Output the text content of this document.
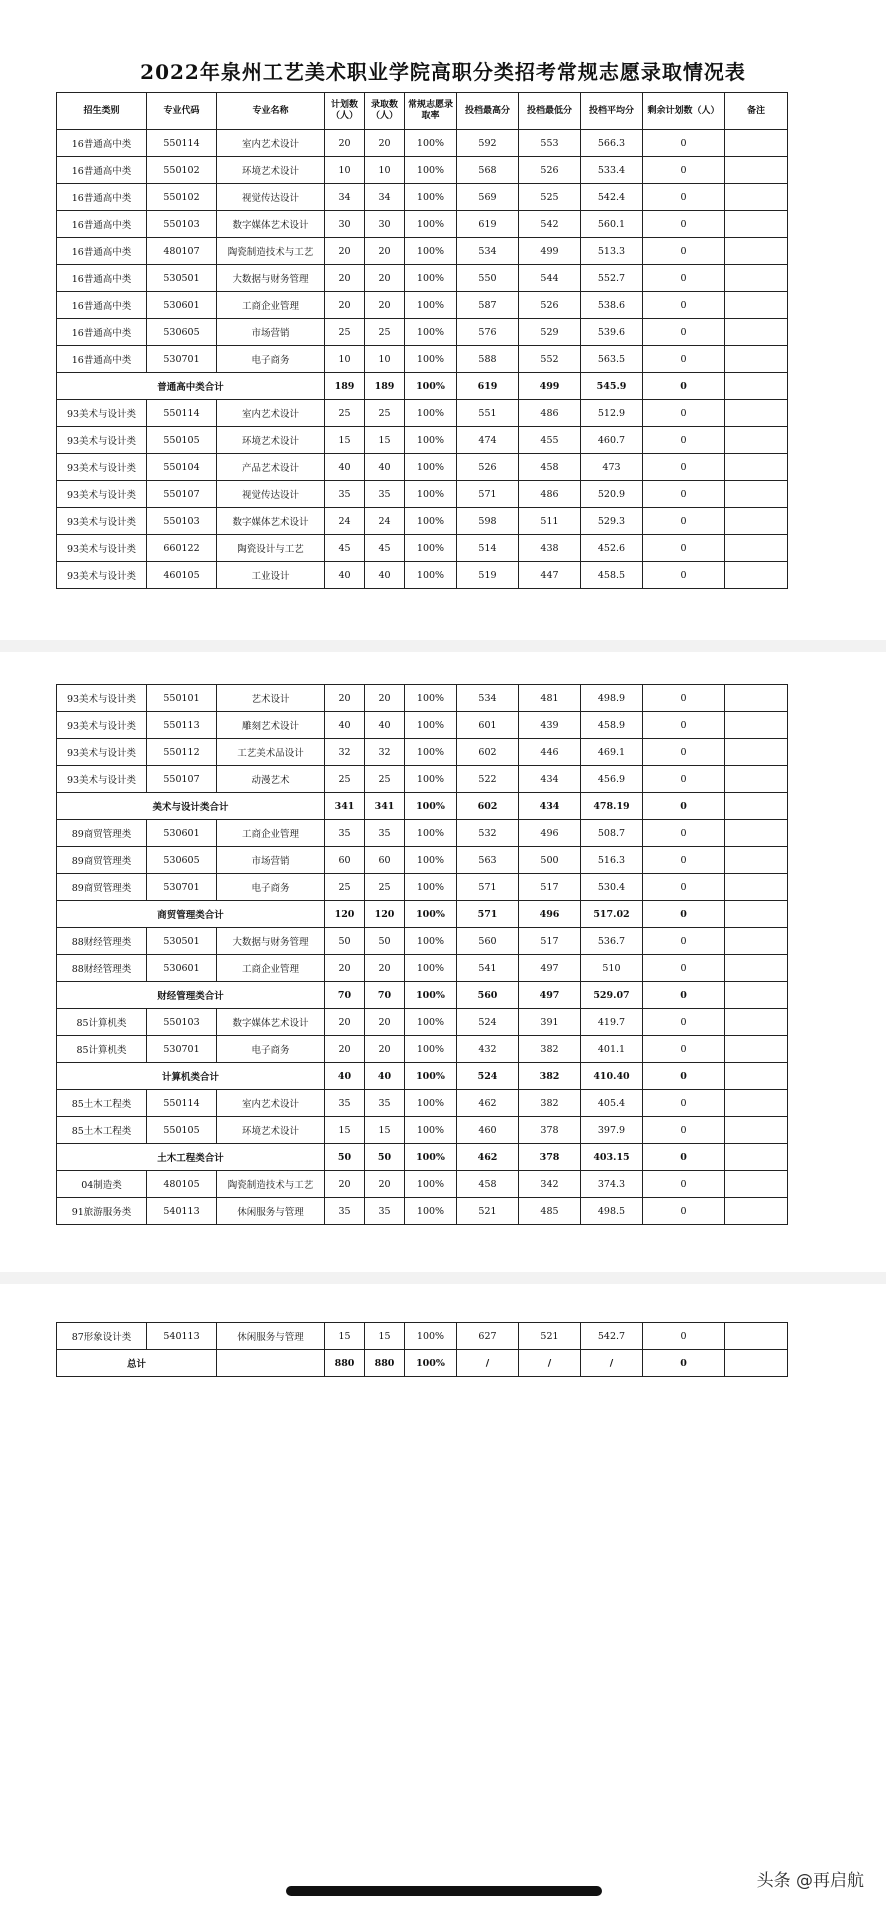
2022年泉州工艺美术职业学院高职分类招考常规志愿录取情况表
招生类别	专业代码	专业名称	计划数（人）	录取数（人）	常规志愿录取率	投档最高分	投档最低分	投档平均分	剩余计划数（人）	备注
16普通高中类	550114	室内艺术设计	20	20	100%	592	553	566.3	0	
16普通高中类	550102	环境艺术设计	10	10	100%	568	526	533.4	0	
16普通高中类	550102	视觉传达设计	34	34	100%	569	525	542.4	0	
16普通高中类	550103	数字媒体艺术设计	30	30	100%	619	542	560.1	0	
16普通高中类	480107	陶瓷制造技术与工艺	20	20	100%	534	499	513.3	0	
16普通高中类	530501	大数据与财务管理	20	20	100%	550	544	552.7	0	
16普通高中类	530601	工商企业管理	20	20	100%	587	526	538.6	0	
16普通高中类	530605	市场营销	25	25	100%	576	529	539.6	0	
16普通高中类	530701	电子商务	10	10	100%	588	552	563.5	0	
普通高中类合计			189	189	100%	619	499	545.9	0	
93美术与设计类	550114	室内艺术设计	25	25	100%	551	486	512.9	0	
93美术与设计类	550105	环境艺术设计	15	15	100%	474	455	460.7	0	
93美术与设计类	550104	产品艺术设计	40	40	100%	526	458	473	0	
93美术与设计类	550107	视觉传达设计	35	35	100%	571	486	520.9	0	
93美术与设计类	550103	数字媒体艺术设计	24	24	100%	598	511	529.3	0	
93美术与设计类	660122	陶瓷设计与工艺	45	45	100%	514	438	452.6	0	
93美术与设计类	460105	工业设计	40	40	100%	519	447	458.5	0	
93美术与设计类	550101	艺术设计	20	20	100%	534	481	498.9	0	
93美术与设计类	550113	雕刻艺术设计	40	40	100%	601	439	458.9	0	
93美术与设计类	550112	工艺美术品设计	32	32	100%	602	446	469.1	0	
93美术与设计类	550107	动漫艺术	25	25	100%	522	434	456.9	0	
美术与设计类合计			341	341	100%	602	434	478.19	0	
89商贸管理类	530601	工商企业管理	35	35	100%	532	496	508.7	0	
89商贸管理类	530605	市场营销	60	60	100%	563	500	516.3	0	
89商贸管理类	530701	电子商务	25	25	100%	571	517	530.4	0	
商贸管理类合计			120	120	100%	571	496	517.02	0	
88财经管理类	530501	大数据与财务管理	50	50	100%	560	517	536.7	0	
88财经管理类	530601	工商企业管理	20	20	100%	541	497	510	0	
财经管理类合计			70	70	100%	560	497	529.07	0	
85计算机类	550103	数字媒体艺术设计	20	20	100%	524	391	419.7	0	
85计算机类	530701	电子商务	20	20	100%	432	382	401.1	0	
计算机类合计			40	40	100%	524	382	410.40	0	
85土木工程类	550114	室内艺术设计	35	35	100%	462	382	405.4	0	
85土木工程类	550105	环境艺术设计	15	15	100%	460	378	397.9	0	
土木工程类合计			50	50	100%	462	378	403.15	0	
04制造类	480105	陶瓷制造技术与工艺	20	20	100%	458	342	374.3	0	
91旅游服务类	540113	休闲服务与管理	35	35	100%	521	485	498.5	0	
87形象设计类	540113	休闲服务与管理	15	15	100%	627	521	542.7	0	
总计			880	880	100%	/	/	/	0	
头条 @再启航
